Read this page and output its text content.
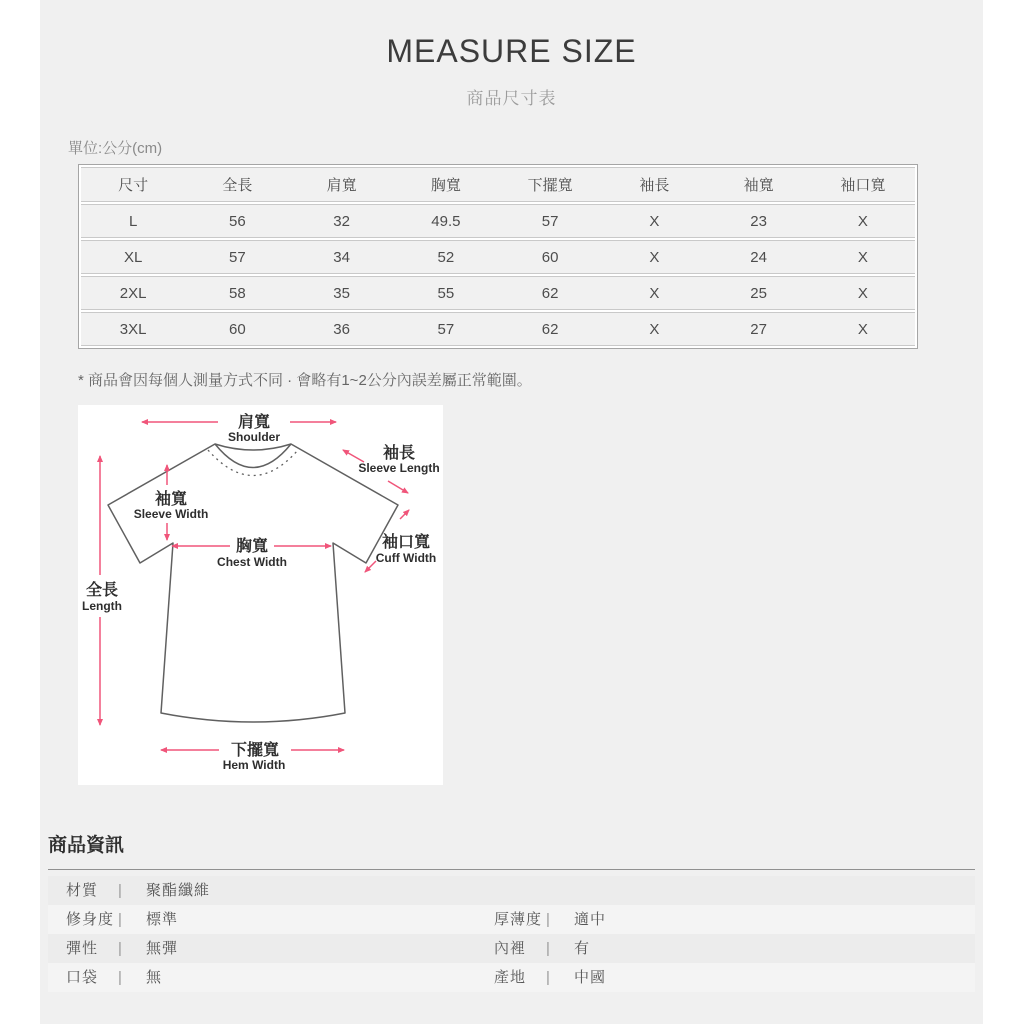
MEASURE SIZE
商品尺寸表
單位:公分(cm)
尺寸	全長	肩寬	胸寬	下擺寬	袖長	袖寬	袖口寬
L	56	32	49.5	57	X	23	X
XL	57	34	52	60	X	24	X
2XL	58	35	55	62	X	25	X
3XL	60	36	57	62	X	27	X
* 商品會因每個人測量方式不同 · 會略有1~2公分內誤差屬正常範圍。
肩寬
Shoulder
袖長
Sleeve Length
袖寬
Sleeve Width
胸寬
Chest Width
袖口寬
Cuff Width
全長
Length
下擺寬
Hem Width
商品資訊
材質	|	聚酯纖維
修身度 |	標準	厚薄度 |	適中
彈性	|	無彈	內裡	|	有
口袋	|	無	產地	|	中國
